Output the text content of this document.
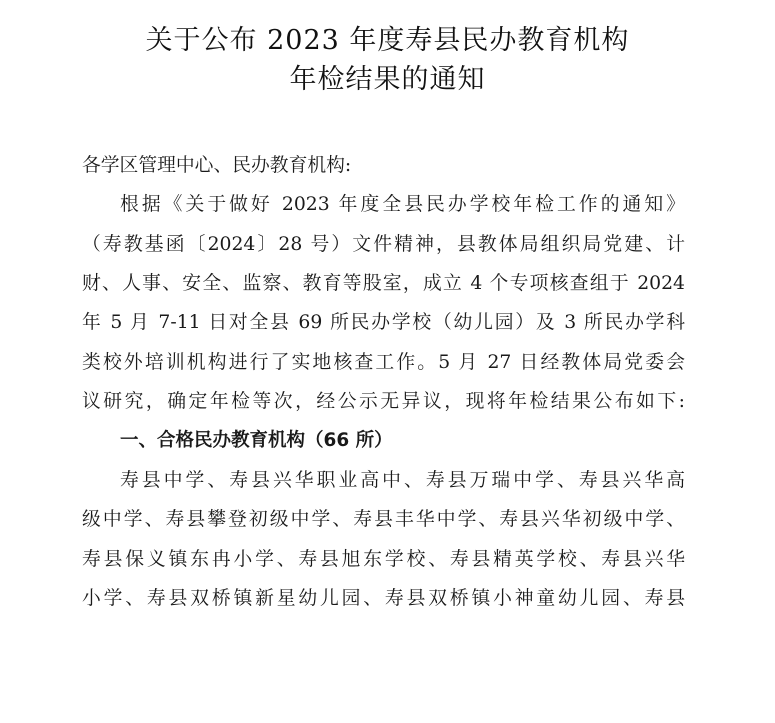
关于公布 2023 年度寿县民办教育机构
年检结果的通知
各学区管理中心、民办教育机构:
根据《关于做好 2023 年度全县民办学校年检工作的通知》
（寿教基函〔2024〕28 号）文件精神，县教体局组织局党建、计
财、人事、安全、监察、教育等股室，成立 4 个专项核查组于 2024
年 5 月 7-11 日对全县 69 所民办学校（幼儿园）及 3 所民办学科
类校外培训机构进行了实地核查工作。5 月 27 日经教体局党委会
议研究，确定年检等次，经公示无异议，现将年检结果公布如下:
一、合格民办教育机构（66 所）
寿县中学、寿县兴华职业高中、寿县万瑞中学、寿县兴华高
级中学、寿县攀登初级中学、寿县丰华中学、寿县兴华初级中学、
寿县保义镇东冉小学、寿县旭东学校、寿县精英学校、寿县兴华
小学、寿县双桥镇新星幼儿园、寿县双桥镇小神童幼儿园、寿县
